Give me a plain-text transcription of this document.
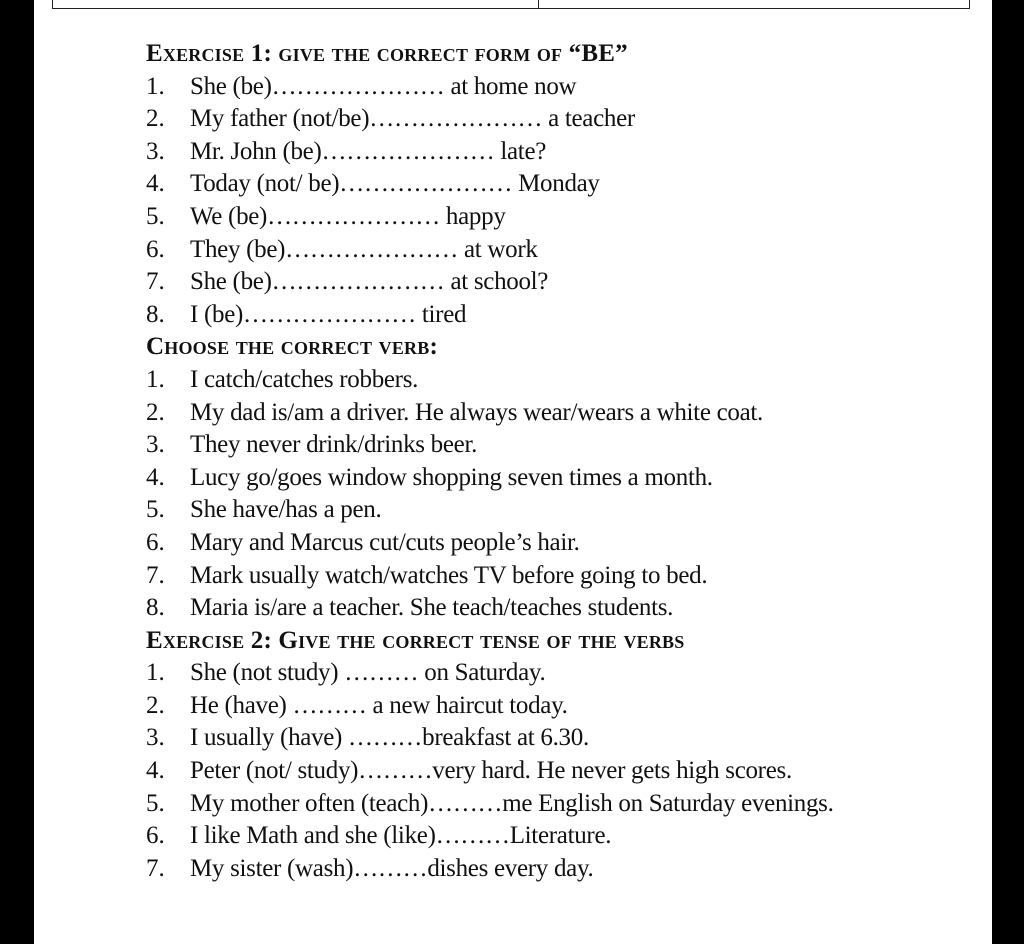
Exercise 1: give the correct form of “BE”
1. She (be)………………… at home now
2. My father (not/be)………………… a teacher
3. Mr. John (be)………………… late?
4. Today (not/ be)………………… Monday
5. We (be)………………… happy
6. They (be)………………… at work
7. She (be)………………… at school?
8. I (be)………………… tired
Choose the correct verb:
1. I catch/catches robbers.
2. My dad is/am a driver. He always wear/wears a white coat.
3. They never drink/drinks beer.
4. Lucy go/goes window shopping seven times a month.
5. She have/has a pen.
6. Mary and Marcus cut/cuts people’s hair.
7. Mark usually watch/watches TV before going to bed.
8. Maria is/are a teacher. She teach/teaches students.
Exercise 2: Give the correct tense of the verbs
1. She (not study) ……… on Saturday.
2. He (have) ……… a new haircut today.
3. I usually (have) ………breakfast at 6.30.
4. Peter (not/ study)………very hard. He never gets high scores.
5. My mother often (teach)………me English on Saturday evenings.
6. I like Math and she (like)………Literature.
7. My sister (wash)………dishes every day.
